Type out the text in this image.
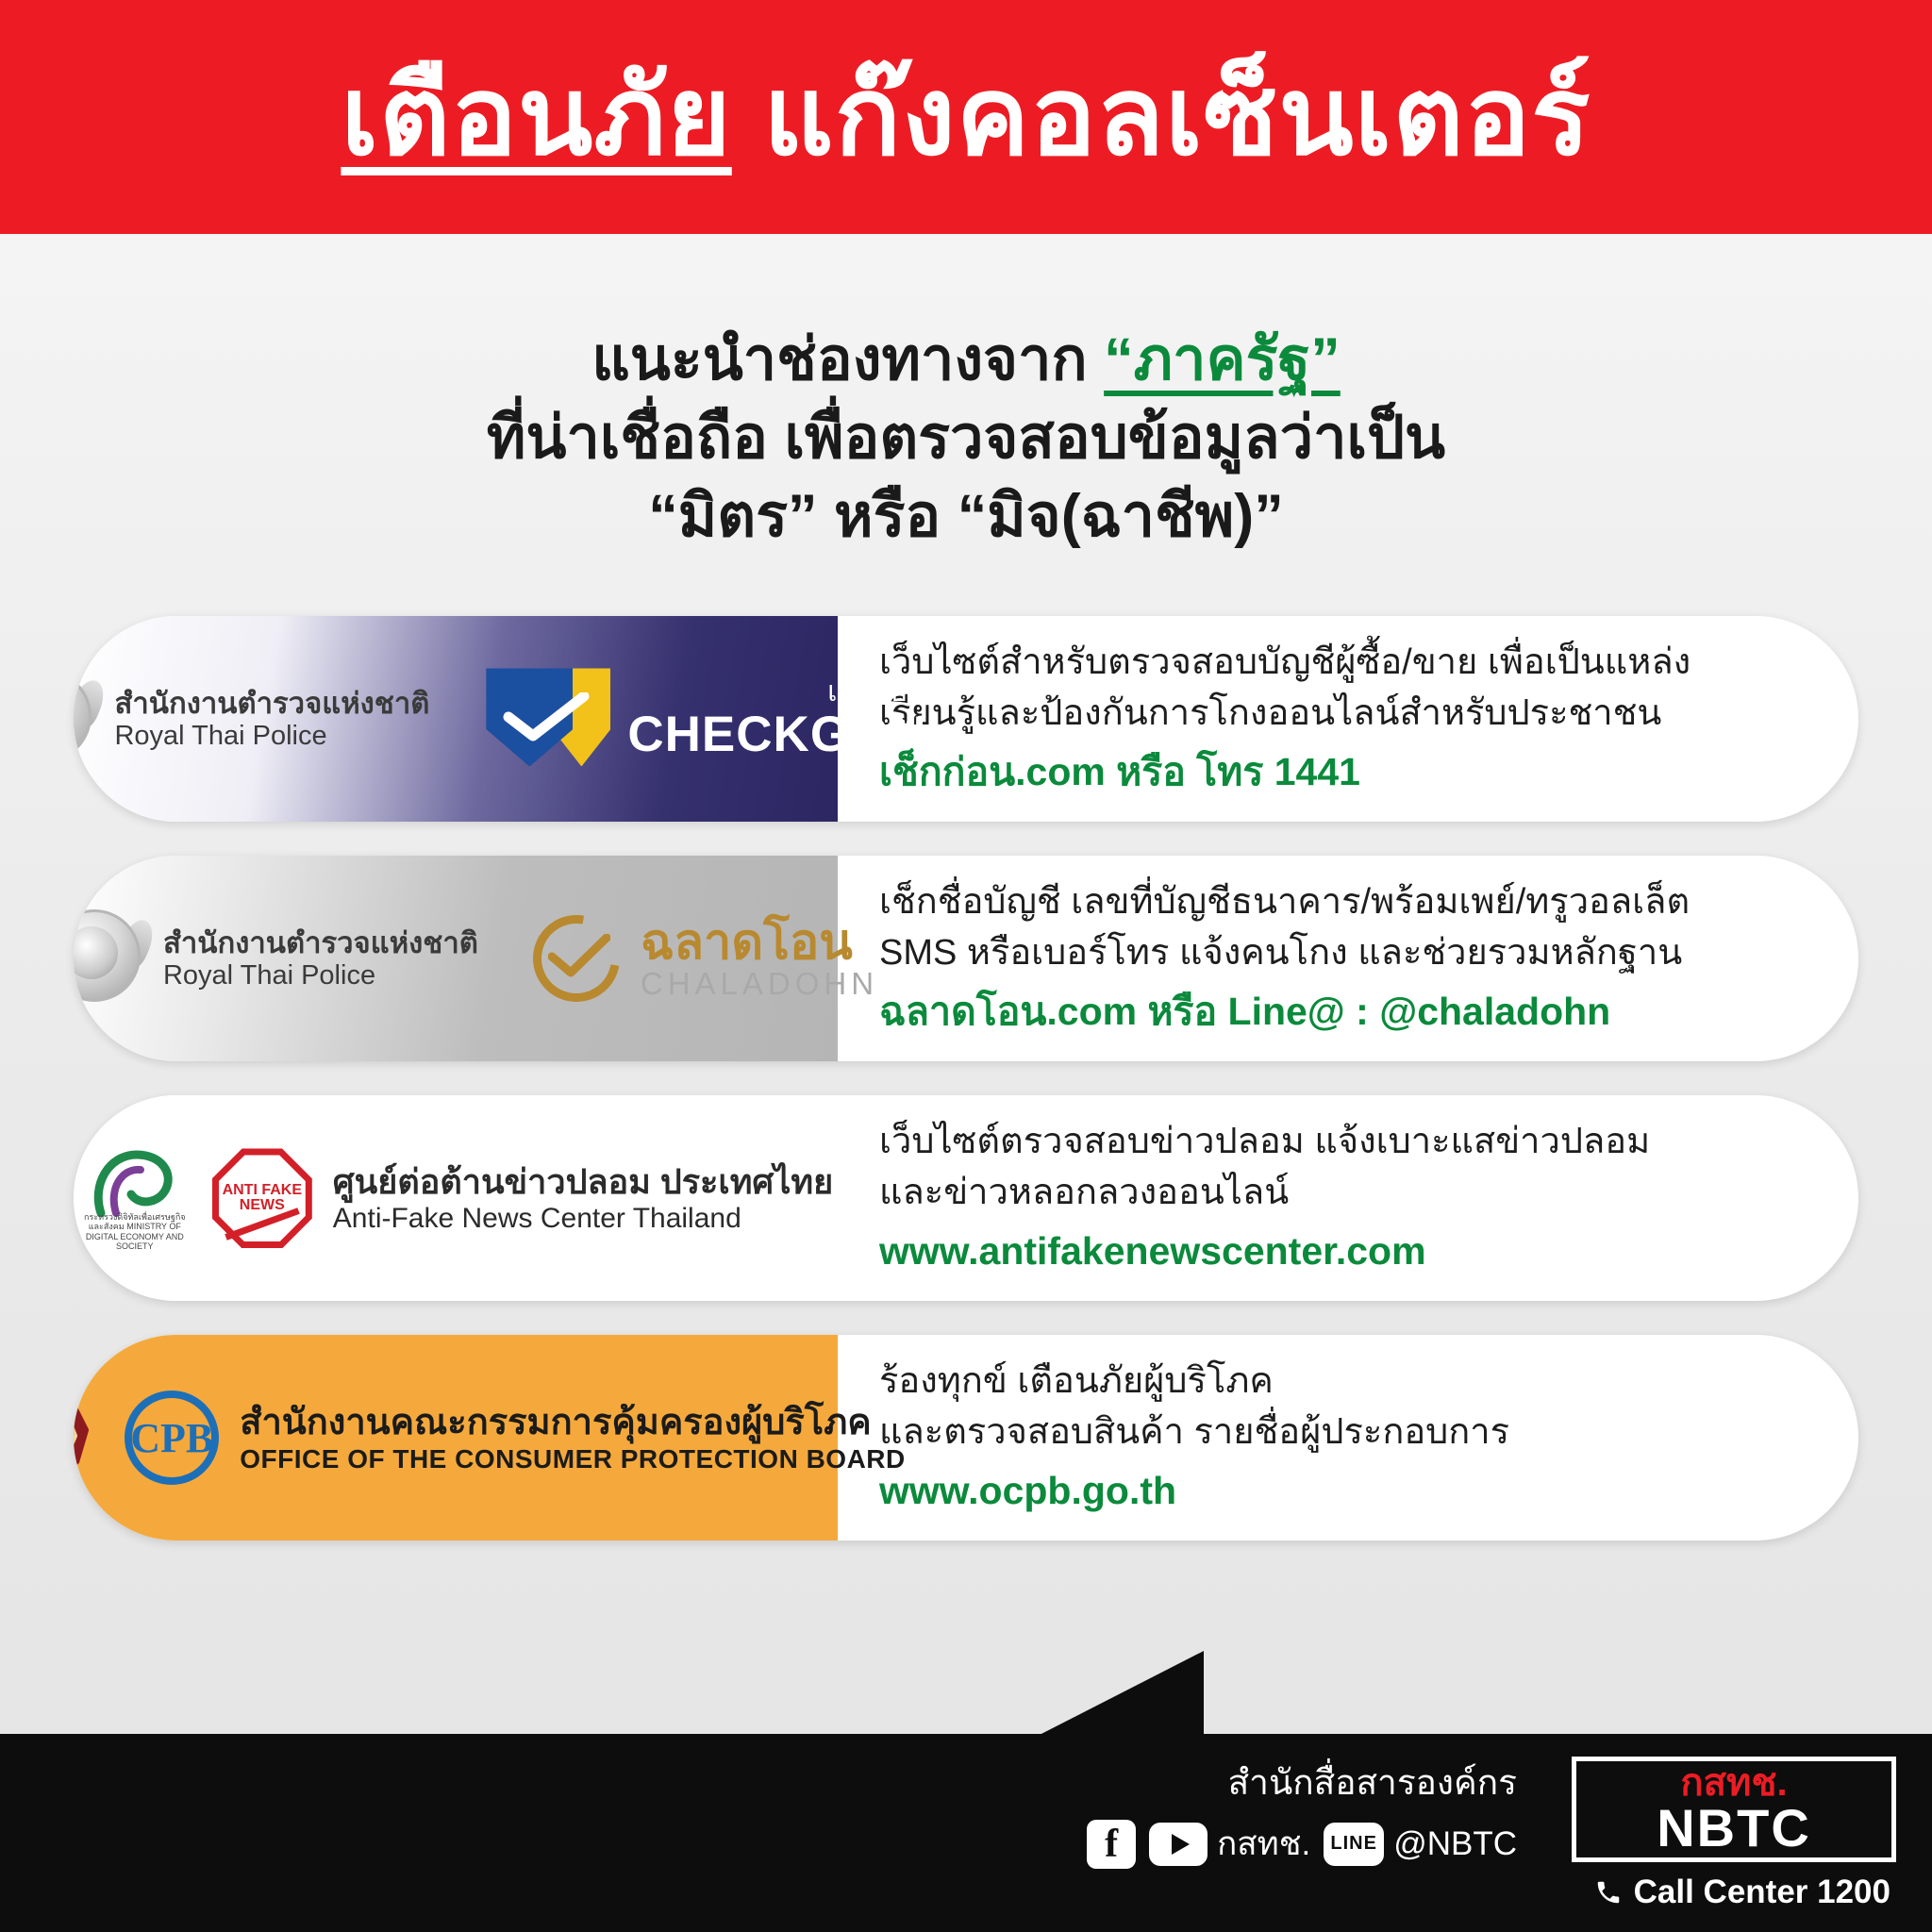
เตือนภัย แก๊งคอลเซ็นเตอร์
แนะนำช่องทางจาก “ภาครัฐ”
ที่น่าเชื่อถือ เพื่อตรวจสอบข้อมูลว่าเป็น
“มิตร” หรือ “มิจ(ฉาชีพ)”
สำนักงานตำรวจแห่งชาติ
Royal Thai Police
เช็กก่อน
CHECKGON
เว็บไซต์สำหรับตรวจสอบบัญชีผู้ซื้อ/ขาย เพื่อเป็นแหล่ง
เรียนรู้และป้องกันการโกงออนไลน์สำหรับประชาชน
เช็กก่อน.com หรือ โทร 1441
สำนักงานตำรวจแห่งชาติ
Royal Thai Police
ฉลาดโอน
CHALADOHN
เช็กชื่อบัญชี เลขที่บัญชีธนาคาร/พร้อมเพย์/ทรูวอลเล็ต
SMS หรือเบอร์โทร แจ้งคนโกง และช่วยรวมหลักฐาน
ฉลาดโอน.com หรือ Line@ : @chaladohn
กระทรวงดิจิทัลเพื่อเศรษฐกิจและสังคม MINISTRY OF DIGITAL ECONOMY AND SOCIETY
ANTI FAKE NEWS
ศูนย์ต่อต้านข่าวปลอม ประเทศไทย
Anti-Fake News Center Thailand
เว็บไซต์ตรวจสอบข่าวปลอม แจ้งเบาะแสข่าวปลอม
และข่าวหลอกลวงออนไลน์
www.antifakenewscenter.com
CPB สำนักงานคณะกรรมการคุ้มครองผู้บริโภค
OFFICE OF THE CONSUMER PROTECTION BOARD
ร้องทุกข์ เตือนภัยผู้บริโภค
และตรวจสอบสินค้า รายชื่อผู้ประกอบการ
www.ocpb.go.th
สำนักสื่อสารองค์กร
f	กสทช.	LINE @NBTC
กสทช.
NBTC
Call Center 1200
